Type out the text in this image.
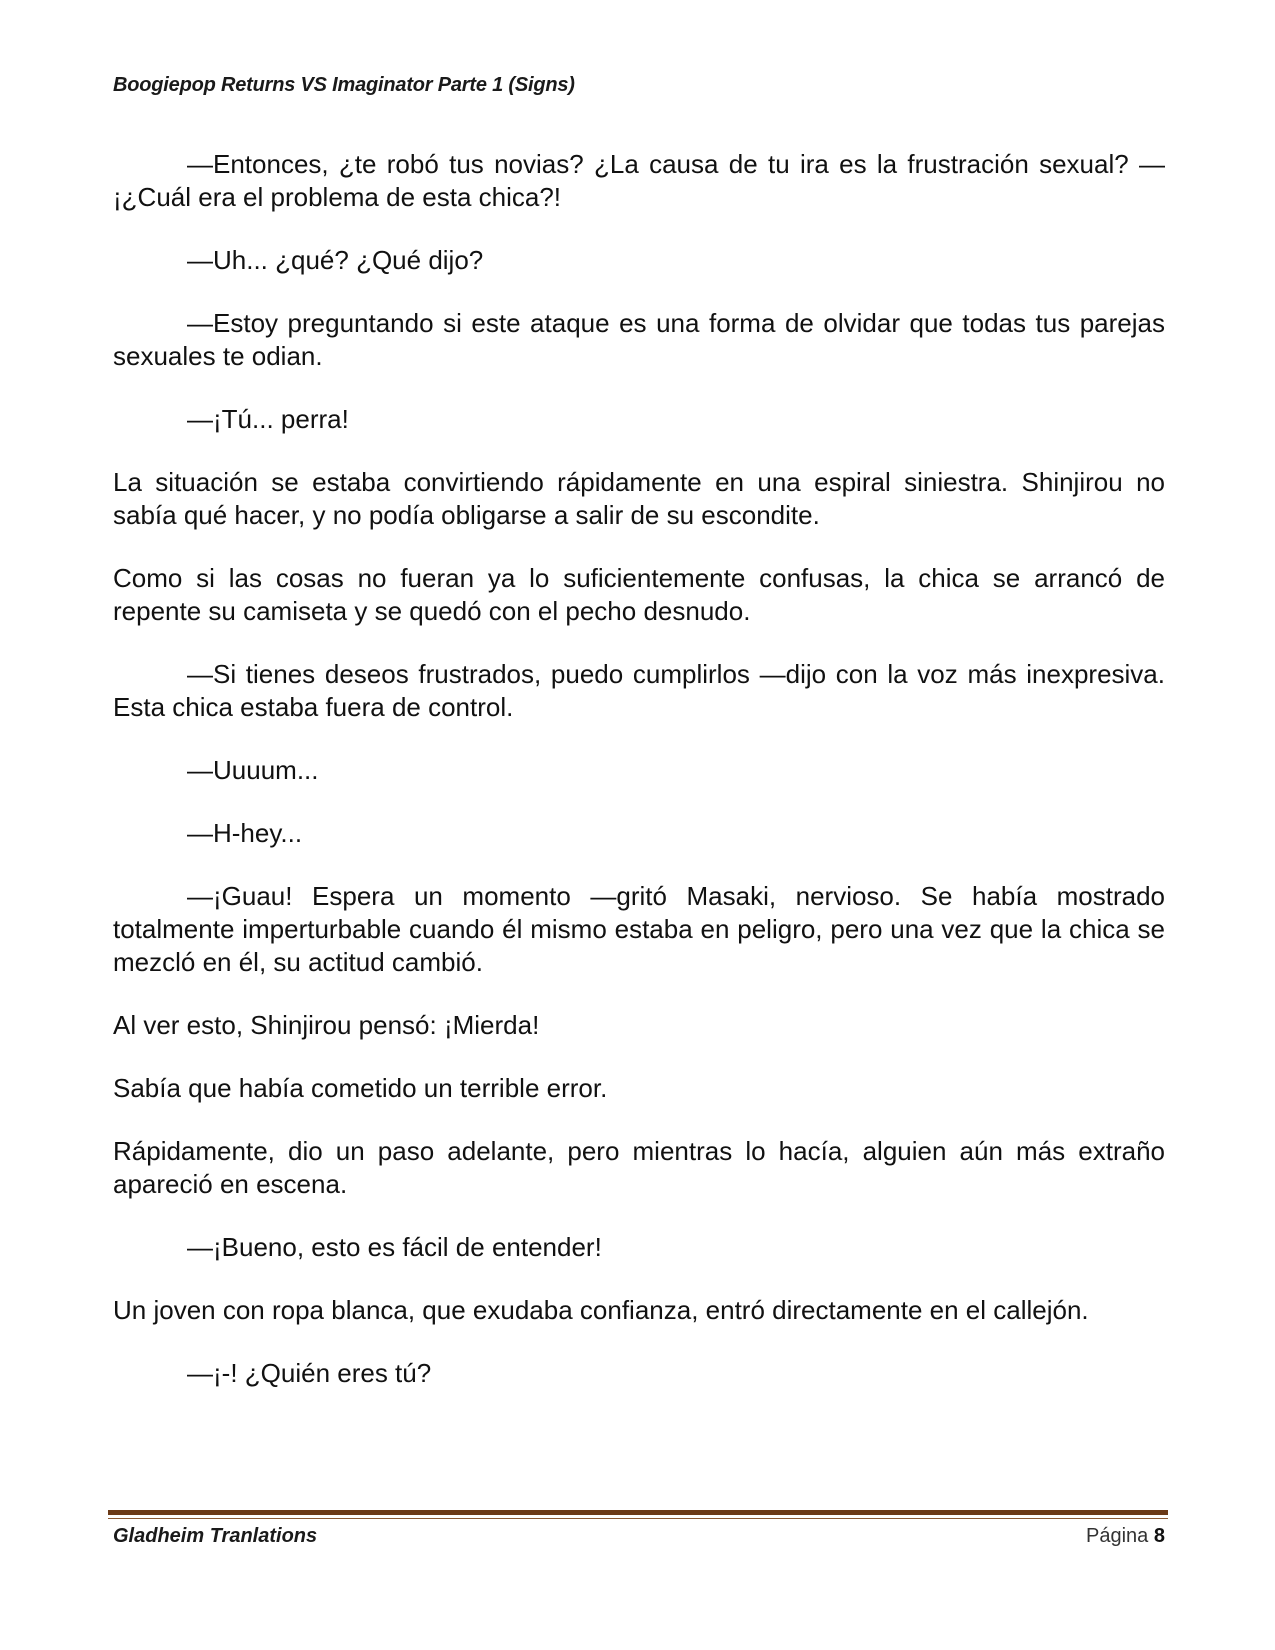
Boogiepop Returns VS Imaginator Parte 1 (Signs)

—Entonces, ¿te robó tus novias? ¿La causa de tu ira es la frustración sexual? —¡¿Cuál era el problema de esta chica?!

—Uh... ¿qué? ¿Qué dijo?

—Estoy preguntando si este ataque es una forma de olvidar que todas tus parejas sexuales te odian.

—¡Tú... perra!

La situación se estaba convirtiendo rápidamente en una espiral siniestra. Shinjirou no sabía qué hacer, y no podía obligarse a salir de su escondite.

Como si las cosas no fueran ya lo suficientemente confusas, la chica se arrancó de repente su camiseta y se quedó con el pecho desnudo.

—Si tienes deseos frustrados, puedo cumplirlos —dijo con la voz más inexpresiva. Esta chica estaba fuera de control.

—Uuuum...

—H-hey...

—¡Guau! Espera un momento —gritó Masaki, nervioso. Se había mostrado totalmente imperturbable cuando él mismo estaba en peligro, pero una vez que la chica se mezcló en él, su actitud cambió.

Al ver esto, Shinjirou pensó: ¡Mierda!

Sabía que había cometido un terrible error.

Rápidamente, dio un paso adelante, pero mientras lo hacía, alguien aún más extraño apareció en escena.

—¡Bueno, esto es fácil de entender!

Un joven con ropa blanca, que exudaba confianza, entró directamente en el callejón.

—¡-! ¿Quién eres tú?

Gladheim Tranlations	Página 8
